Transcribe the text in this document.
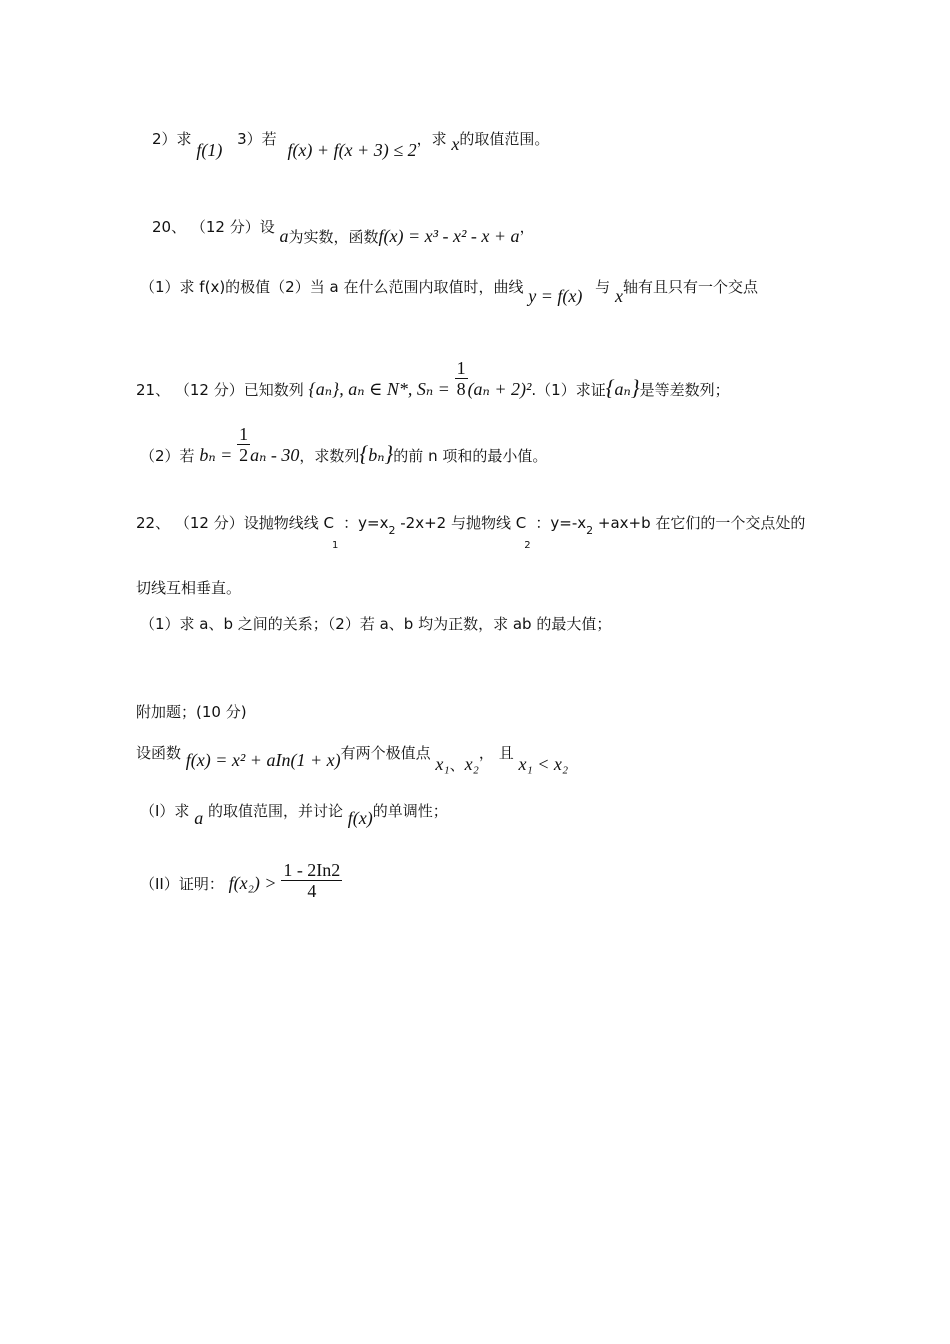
2）求 f(1) 3）若 f(x) + f(x + 3) ≤ 2，求 x的取值范围。
20、 （12 分）设 a为实数，函数f(x) = x³ - x² - x + a，
（1）求 f(x)的极值（2）当 a 在什么范围内取值时，曲线 y = f(x) 与 x轴有且只有一个交点
21、 （12 分）已知数列 {aₙ}, aₙ ∈ N*, $S_n = \frac{1}{8} (a_n + 2)^2.(1)$求证{aₙ}是等差数列；
（2）若 $b_n = \frac{1}{2}$ aₙ - 30，求数列{bₙ}的前 n 项和的最小值。
22、 （12 分）设抛物线线 $C_1$ ：$y=x_2$ -2x+2 与抛物线 $C_2$ ：$y=-x_2 +ax+b$ 在它们的一个交点处的
切线互相垂直。
（1）求 a、b 之间的关系；（2）若 a、b 均为正数，求 ab 的最大值；
附加题；(10 分)
设函数 f(x) = x² + aIn(1 + x)有两个极值点 x₁、x₂， 且 x₁ < x₂
（I）求 a 的取值范围，并讨论 f(x)的单调性；
（II）证明： $f(x_2) > \frac{1 - 2In2}{4}$
